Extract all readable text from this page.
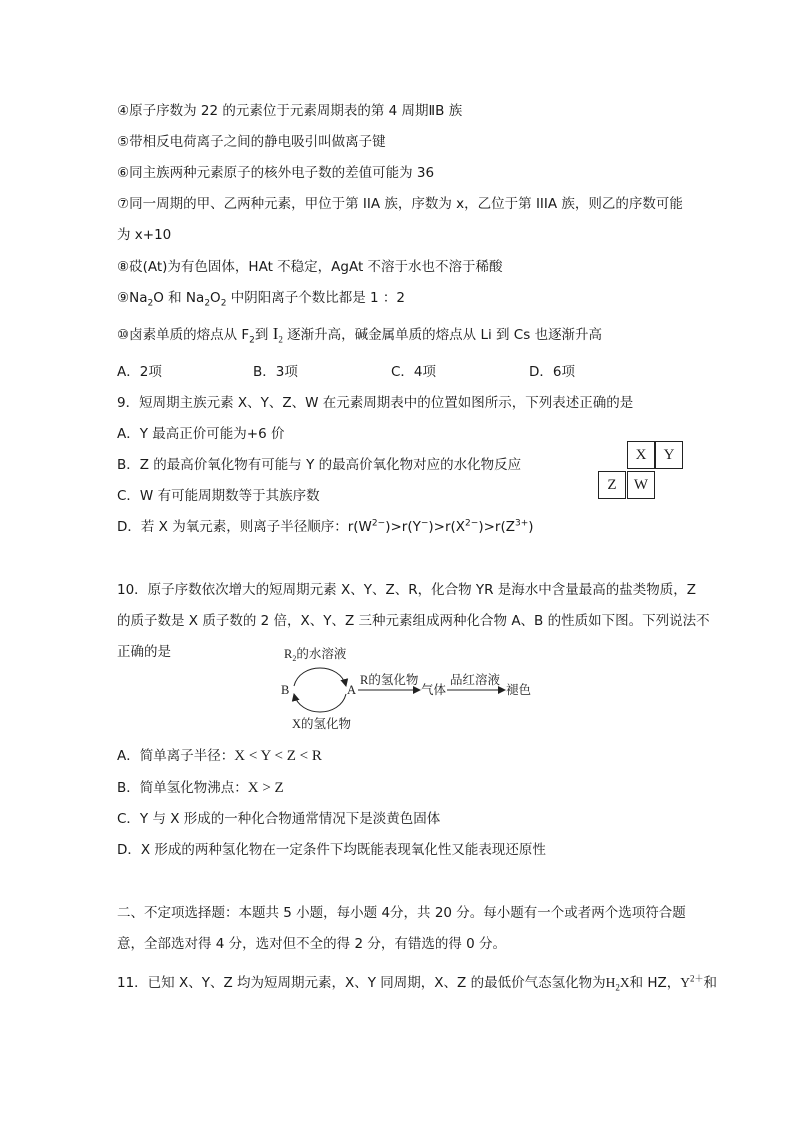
④原子序数为 22 的元素位于元素周期表的第 4 周期ⅡB 族
⑤带相反电荷离子之间的静电吸引叫做离子键
⑥同主族两种元素原子的核外电子数的差值可能为 36
⑦同一周期的甲、乙两种元素，甲位于第 IIA 族，序数为 x，乙位于第 IIIA 族，则乙的序数可能
为 x+10
⑧砹(At)为有色固体，HAt 不稳定，AgAt 不溶于水也不溶于稀酸
$⑨Na_2O$ 和 $Na_2O_2$ 中阴阳离子个数比都是 1 ：2
⑩卤素单质的熔点从 $F_2$到 $I_2$ 逐渐升高，碱金属单质的熔点从 Li 到 Cs 也逐渐升高
A．2项	B．3项	C．4项	D．6项
9．短周期主族元素 X、Y、Z、W 在元素周期表中的位置如图所示，下列表述正确的是
A．Y 最高正价可能为+6 价
B．Z 的最高价氧化物有可能与 Y 的最高价氧化物对应的水化物反应
C．W 有可能周期数等于其族序数
D．若 X 为氧元素，则离子半径顺序：$r(W^{2-})>r(Y^-)>r(X^{2-})>r(Z^{3+})$
X	Y
Z	W
10．原子序数依次增大的短周期元素 X、Y、Z、R，化合物 YR 是海水中含量最高的盐类物质，Z
的质子数是 X 质子数的 2 倍，X、Y、Z 三种元素组成两种化合物 A、B 的性质如下图。下列说法不
正确的是	$R_2$的水溶液
B	A
X的氢化物
R的氢化物
气体
品红溶液
褪色
A．简单离子半径：X < Y < Z < R
B．简单氢化物沸点：X > Z
C．Y 与 X 形成的一种化合物通常情况下是淡黄色固体
D．X 形成的两种氢化物在一定条件下均既能表现氧化性又能表现还原性
二、不定项选择题：本题共 5 小题，每小题 4分，共 20 分。每小题有一个或者两个选项符合题
意，全部选对得 4 分，选对但不全的得 2 分，有错选的得 0 分。
11．已知 X、Y、Z 均为短周期元素，X、Y 同周期，X、Z 的最低价气态氢化物为$H_2X$和 HZ，$Y^{2+}$和
